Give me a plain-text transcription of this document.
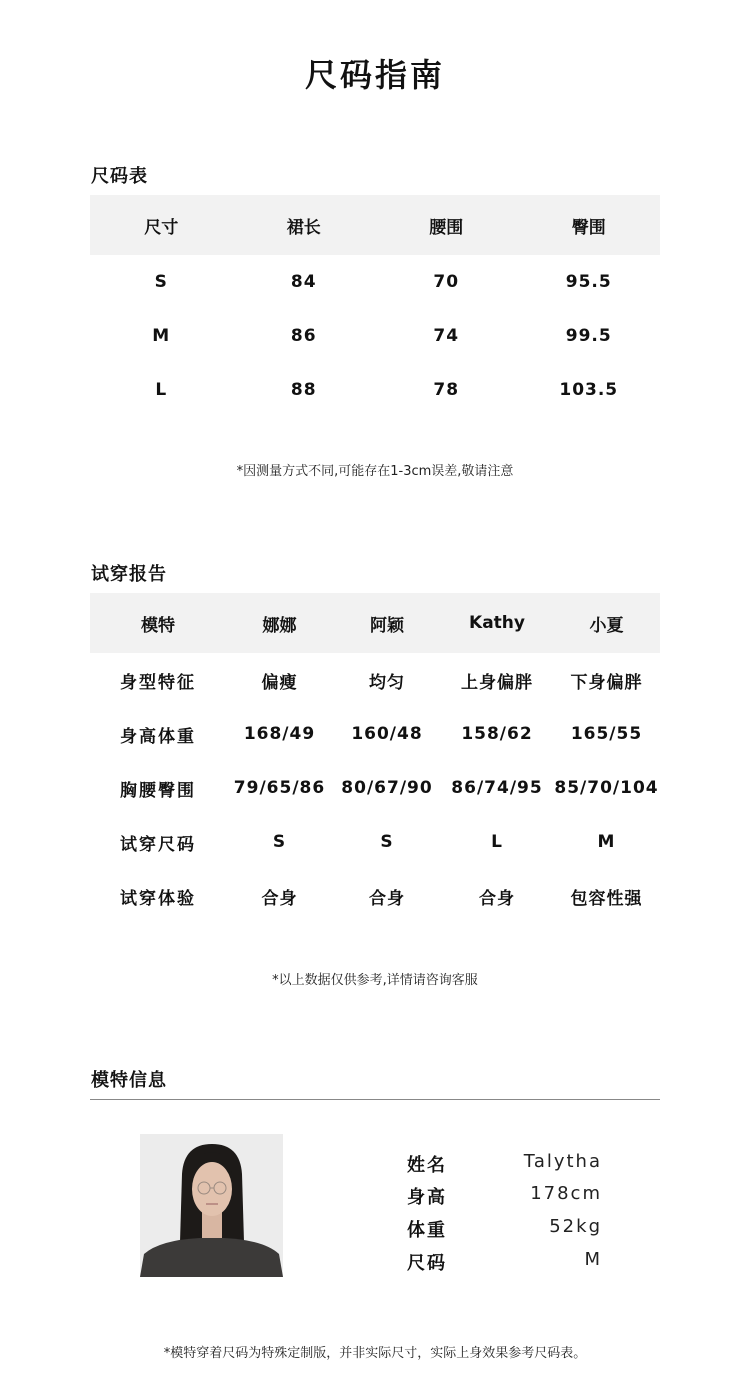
尺码指南
尺码表
尺寸	裙长	腰围	臀围
S	84	70	95.5
M	86	74	99.5
L	88	78	103.5
*因测量方式不同,可能存在1-3cm误差,敬请注意
试穿报告
模特	娜娜	阿颖	Kathy	小夏
身型特征	偏瘦	均匀	上身偏胖	下身偏胖
身高体重	168/49	160/48	158/62	165/55
胸腰臀围	79/65/86	80/67/90	86/74/95	85/70/104
试穿尺码	S	S	L	M
试穿体验	合身	合身	合身	包容性强
*以上数据仅供参考,详情请咨询客服
模特信息
姓名	Talytha
身高	178cm
体重	52kg
尺码	M
*模特穿着尺码为特殊定制版，并非实际尺寸，实际上身效果参考尺码表。
